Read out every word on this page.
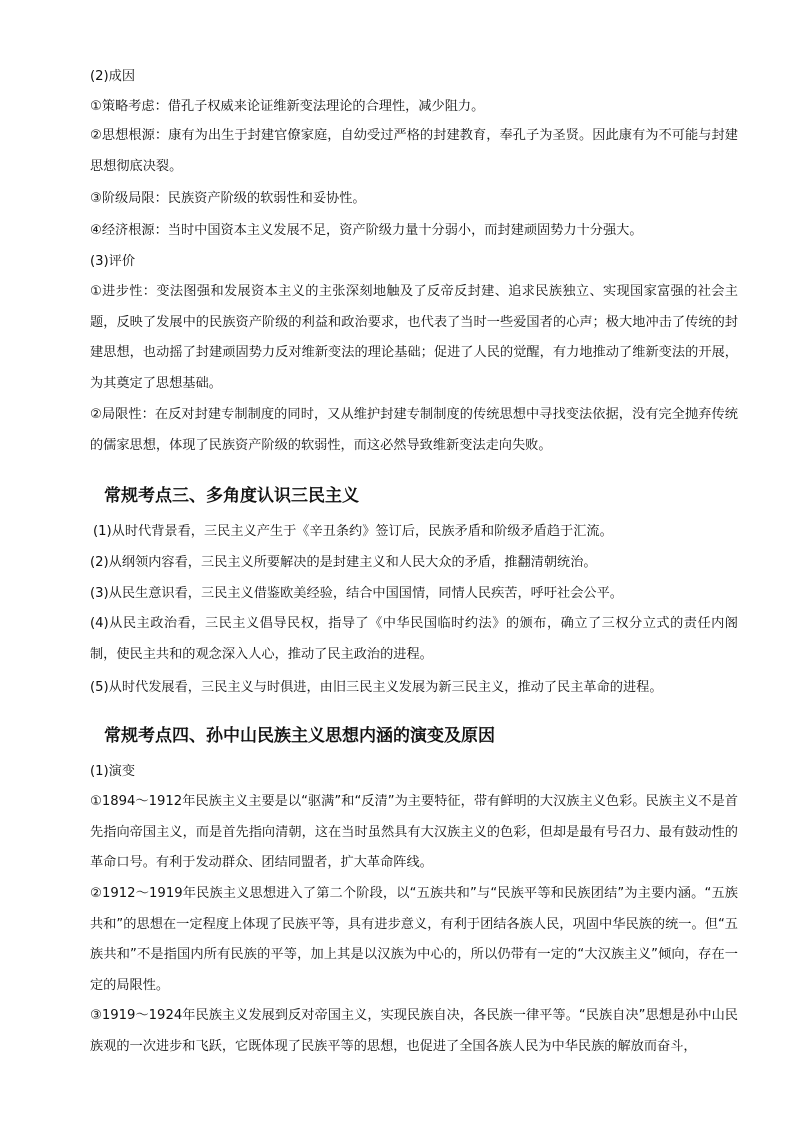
(2)成因
①策略考虑：借孔子权威来论证维新变法理论的合理性，减少阻力。
②思想根源：康有为出生于封建官僚家庭，自幼受过严格的封建教育，奉孔子为圣贤。因此康有为不可能与封建思想彻底决裂。
③阶级局限：民族资产阶级的软弱性和妥协性。
④经济根源：当时中国资本主义发展不足，资产阶级力量十分弱小，而封建顽固势力十分强大。
(3)评价
①进步性：变法图强和发展资本主义的主张深刻地触及了反帝反封建、追求民族独立、实现国家富强的社会主题，反映了发展中的民族资产阶级的利益和政治要求，也代表了当时一些爱国者的心声；极大地冲击了传统的封建思想，也动摇了封建顽固势力反对维新变法的理论基础；促进了人民的觉醒，有力地推动了维新变法的开展，为其奠定了思想基础。
②局限性：在反对封建专制制度的同时，又从维护封建专制制度的传统思想中寻找变法依据，没有完全抛弃传统的儒家思想，体现了民族资产阶级的软弱性，而这必然导致维新变法走向失败。
常规考点三、多角度认识三民主义
(1)从时代背景看，三民主义产生于《辛丑条约》签订后，民族矛盾和阶级矛盾趋于汇流。
(2)从纲领内容看，三民主义所要解决的是封建主义和人民大众的矛盾，推翻清朝统治。
(3)从民生意识看，三民主义借鉴欧美经验，结合中国国情，同情人民疾苦，呼吁社会公平。
(4)从民主政治看，三民主义倡导民权，指导了《中华民国临时约法》的颁布，确立了三权分立式的责任内阁制，使民主共和的观念深入人心，推动了民主政治的进程。
(5)从时代发展看，三民主义与时俱进，由旧三民主义发展为新三民主义，推动了民主革命的进程。
常规考点四、孙中山民族主义思想内涵的演变及原因
(1)演变
①1894～1912年民族主义主要是以“驱满”和“反清”为主要特征，带有鲜明的大汉族主义色彩。民族主义不是首先指向帝国主义，而是首先指向清朝，这在当时虽然具有大汉族主义的色彩，但却是最有号召力、最有鼓动性的革命口号。有利于发动群众、团结同盟者，扩大革命阵线。
②1912～1919年民族主义思想进入了第二个阶段，以“五族共和”与“民族平等和民族团结”为主要内涵。“五族共和”的思想在一定程度上体现了民族平等，具有进步意义，有利于团结各族人民，巩固中华民族的统一。但“五族共和”不是指国内所有民族的平等，加上其是以汉族为中心的，所以仍带有一定的“大汉族主义”倾向，存在一定的局限性。
③1919～1924年民族主义发展到反对帝国主义，实现民族自决，各民族一律平等。“民族自决”思想是孙中山民族观的一次进步和飞跃，它既体现了民族平等的思想，也促进了全国各族人民为中华民族的解放而奋斗，
